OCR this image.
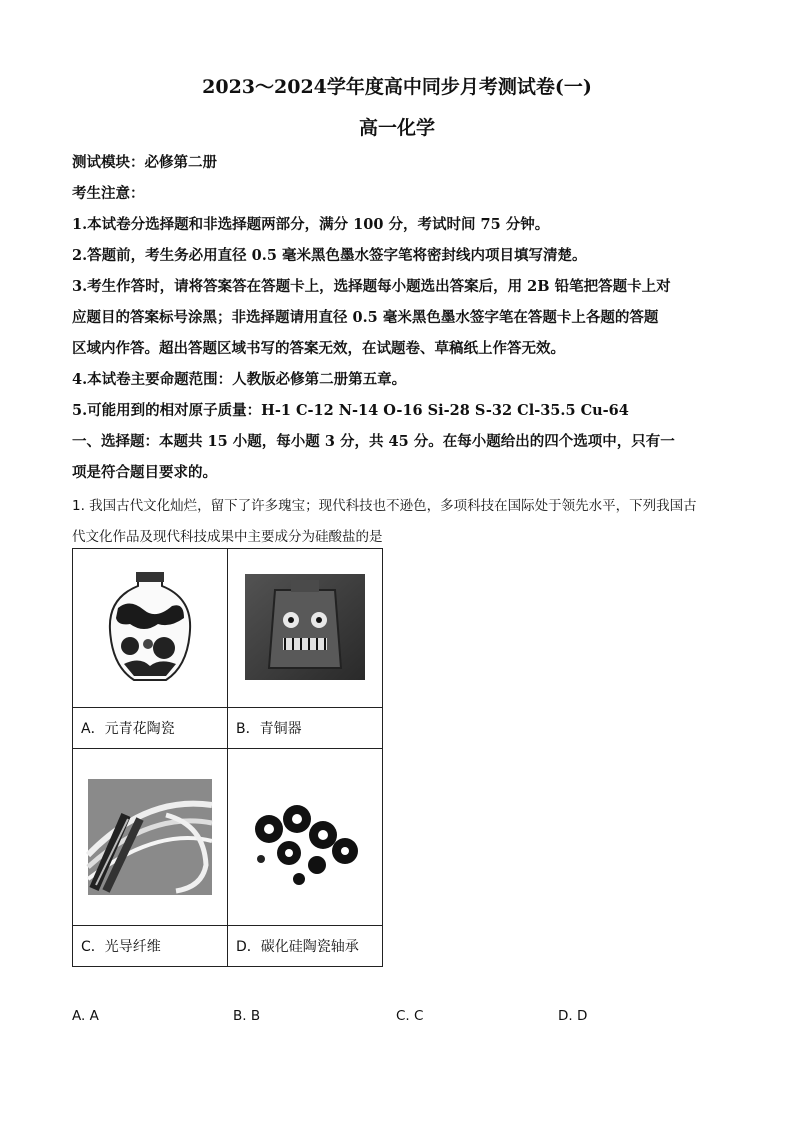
2023～2024学年度高中同步月考测试卷(一)
高一化学
测试模块：必修第二册
考生注意：
1.本试卷分选择题和非选择题两部分，满分 100 分，考试时间 75 分钟。
2.答题前，考生务必用直径 0.5 毫米黑色墨水签字笔将密封线内项目填写清楚。
3.考生作答时，请将答案答在答题卡上，选择题每小题选出答案后，用 2B 铅笔把答题卡上对
应题目的答案标号涂黑；非选择题请用直径 0.5 毫米黑色墨水签字笔在答题卡上各题的答题
区域内作答。超出答题区域书写的答案无效，在试题卷、草稿纸上作答无效。
4.本试卷主要命题范围：人教版必修第二册第五章。
5.可能用到的相对原子质量：H-1 C-12 N-14 O-16 Si-28 S-32 Cl-35.5 Cu-64
一、选择题：本题共 15 小题，每小题 3 分，共 45 分。在每小题给出的四个选项中，只有一
项是符合题目要求的。
1. 我国古代文化灿烂，留下了许多瑰宝；现代科技也不逊色，多项科技在国际处于领先水平，下列我国古
代文化作品及现代科技成果中主要成分为硅酸盐的是

A．元青花陶瓷	B．青铜器

C．光导纤维	D．碳化硅陶瓷轴承
A. A	B. B	C. C	D. D
